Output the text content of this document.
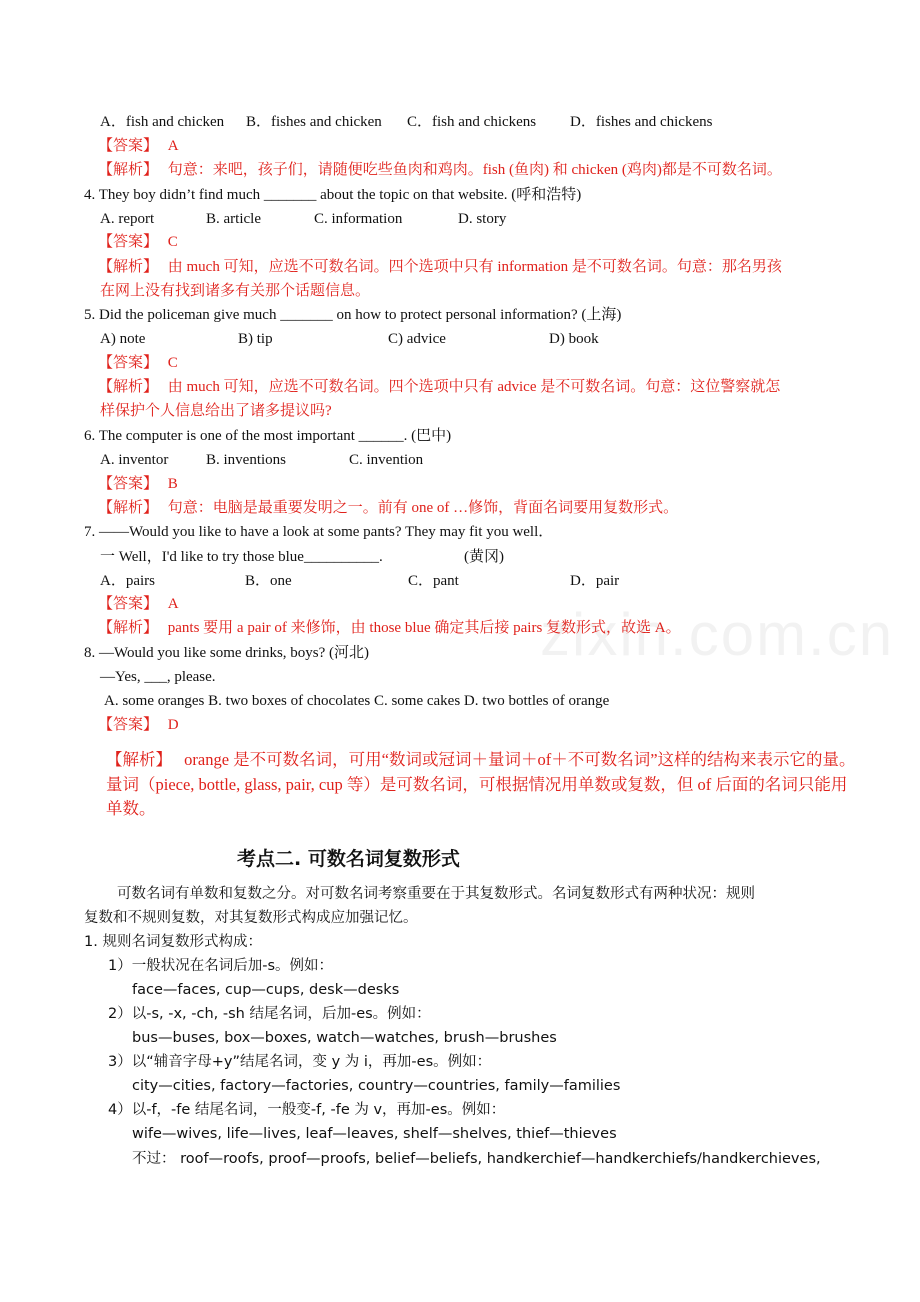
zixin.com.cn
A．fish and chicken B．fishes and chicken C．fish and chickens D．fishes and chickens
【答案】 A
【解析】 句意：来吧，孩子们，请随便吃些鱼肉和鸡肉。fish (鱼肉) 和 chicken (鸡肉)都是不可数名词。
4. They boy didn’t find much _______ about the topic on that website. (呼和浩特)
A. report	B. article	C. information	D. story
【答案】 C
【解析】 由 much 可知，应选不可数名词。四个选项中只有 information 是不可数名词。句意：那名男孩
在网上没有找到诸多有关那个话题信息。
5. Did the policeman give much _______ on how to protect personal information? (上海)
A) note	B) tip	C) advice	D) book
【答案】 C
【解析】 由 much 可知，应选不可数名词。四个选项中只有 advice 是不可数名词。句意：这位警察就怎
样保护个人信息给出了诸多提议吗?
6. The computer is one of the most important ______. (巴中)
A. inventor	B. inventions	C. invention
【答案】 B
【解析】 句意：电脑是最重要发明之一。前有 one of …修饰，背面名词要用复数形式。
7. ——Would you like to have a look at some pants? They may fit you well．
一 Well，I'd like to try those blue__________.	(黄冈)
A．pairs	B．one	C．pant	D．pair
【答案】 A
【解析】 pants 要用 a pair of 来修饰，由 those blue 确定其后接 pairs 复数形式，故选 A。
8. —Would you like some drinks, boys? (河北)
—Yes, ___, please.
A. some oranges B. two boxes of chocolates C. some cakes D. two bottles of orange
【答案】 D
【解析】 orange 是不可数名词，可用“数词或冠词＋量词＋of＋不可数名词”这样的结构来表示它的量。
量词（piece, bottle, glass, pair, cup 等）是可数名词，可根据情况用单数或复数，但 of 后面的名词只能用
单数。
考点二. 可数名词复数形式
可数名词有单数和复数之分。对可数名词考察重要在于其复数形式。名词复数形式有两种状况：规则
复数和不规则复数，对其复数形式构成应加强记忆。
1. 规则名词复数形式构成：
1）一般状况在名词后加-s。例如：
face—faces, cup—cups, desk—desks
2）以-s, -x, -ch, -sh 结尾名词，后加-es。例如：
bus—buses, box—boxes, watch—watches, brush—brushes
3）以“辅音字母+y”结尾名词，变 y 为 i，再加-es。例如：
city—cities, factory—factories, country—countries, family—families
4）以-f，-fe 结尾名词，一般变-f, -fe 为 v，再加-es。例如：
wife—wives, life—lives, leaf—leaves, shelf—shelves, thief—thieves
不过： roof—roofs, proof—proofs, belief—beliefs, handkerchief—handkerchiefs/handkerchieves,
